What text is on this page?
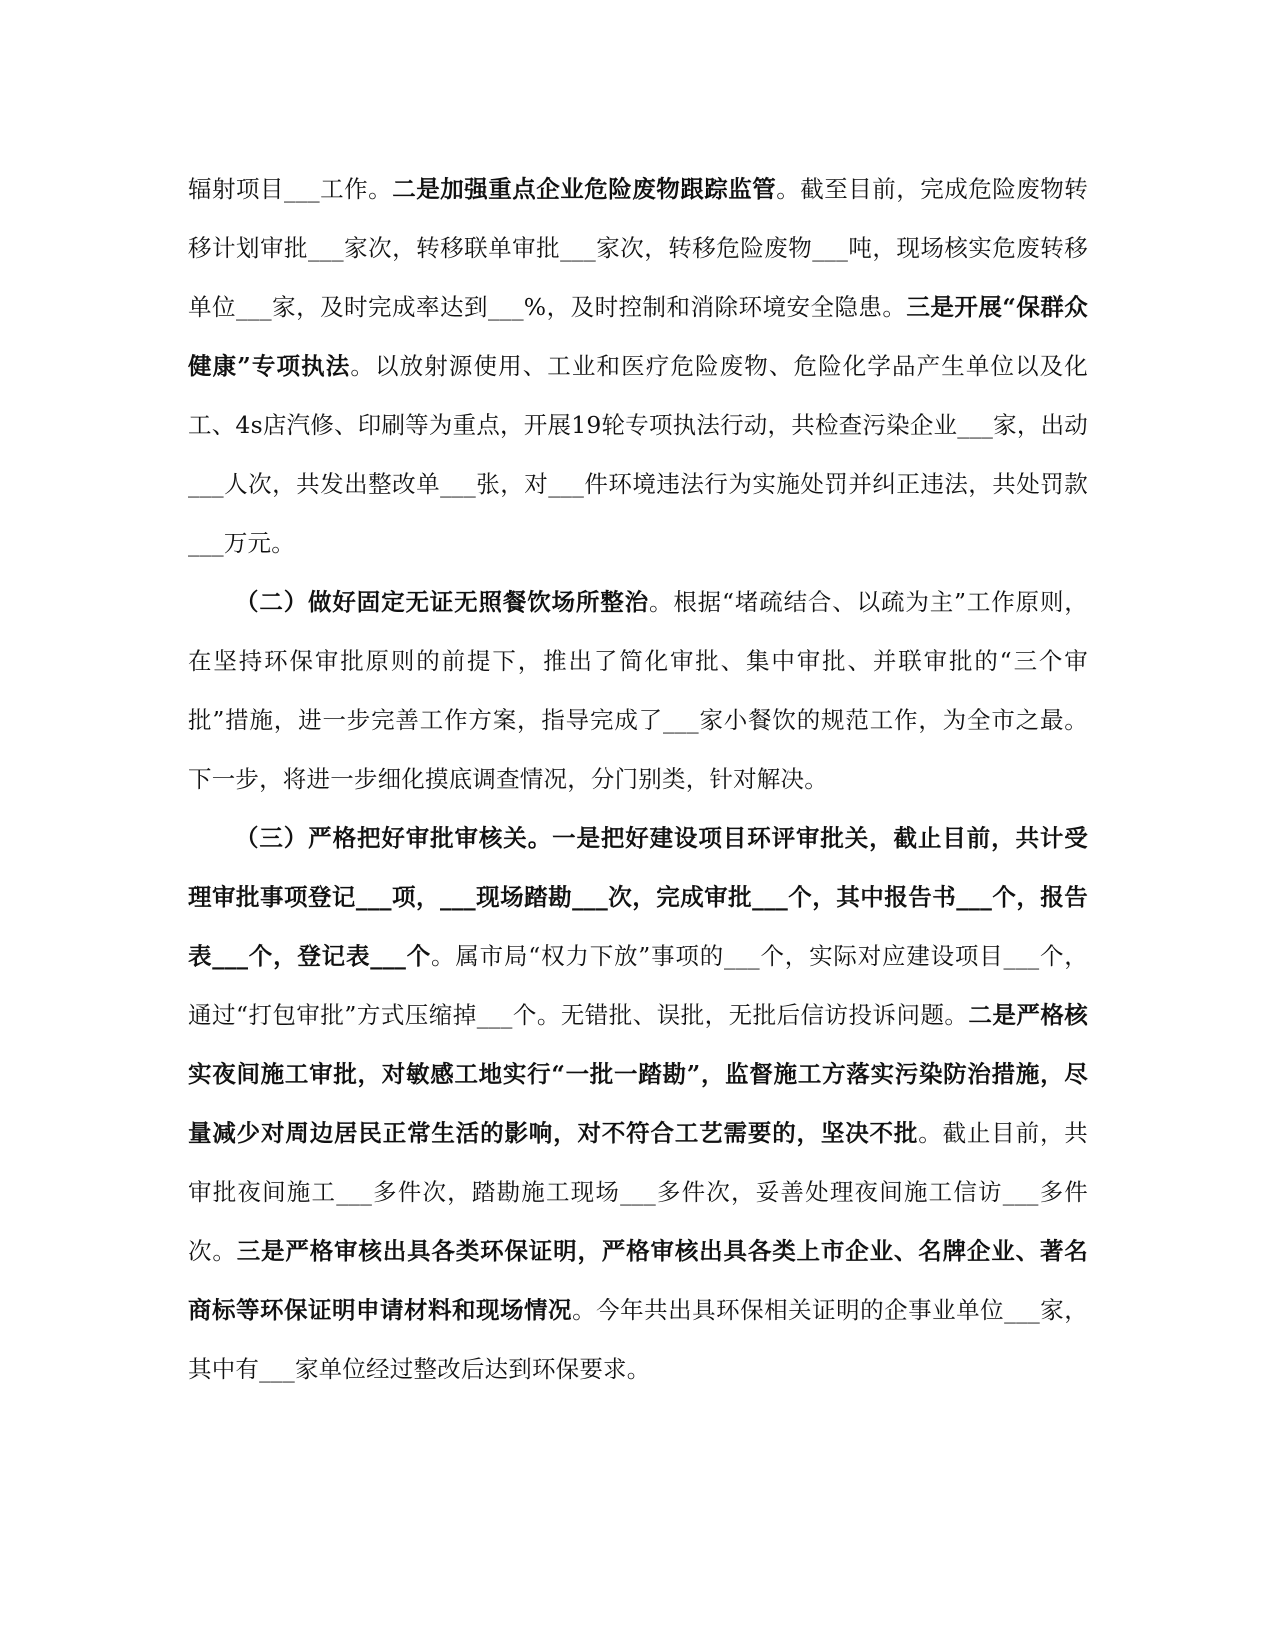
辐射项目___工作。二是加强重点企业危险废物跟踪监管。截至目前，完成危险废物转移计划审批___家次，转移联单审批___家次，转移危险废物___吨，现场核实危废转移单位___家，及时完成率达到___%，及时控制和消除环境安全隐患。三是开展“保群众健康”专项执法。以放射源使用、工业和医疗危险废物、危险化学品产生单位以及化工、4s店汽修、印刷等为重点，开展19轮专项执法行动，共检查污染企业___家，出动___人次，共发出整改单___张，对___件环境违法行为实施处罚并纠正违法，共处罚款___万元。

（二）做好固定无证无照餐饮场所整治。根据“堵疏结合、以疏为主”工作原则，在坚持环保审批原则的前提下，推出了简化审批、集中审批、并联审批的“三个审批”措施，进一步完善工作方案，指导完成了___家小餐饮的规范工作，为全市之最。下一步，将进一步细化摸底调查情况，分门别类，针对解决。

（三）严格把好审批审核关。一是把好建设项目环评审批关，截止目前，共计受理审批事项登记___项，___现场踏勘___次，完成审批___个，其中报告书___个，报告表___个，登记表___个。属市局“权力下放”事项的___个，实际对应建设项目___个，通过“打包审批”方式压缩掉___个。无错批、误批，无批后信访投诉问题。二是严格核实夜间施工审批，对敏感工地实行“一批一踏勘”，监督施工方落实污染防治措施，尽量减少对周边居民正常生活的影响，对不符合工艺需要的，坚决不批。截止目前，共审批夜间施工___多件次，踏勘施工现场___多件次，妥善处理夜间施工信访___多件次。三是严格审核出具各类环保证明，严格审核出具各类上市企业、名牌企业、著名商标等环保证明申请材料和现场情况。今年共出具环保相关证明的企事业单位___家，其中有___家单位经过整改后达到环保要求。
